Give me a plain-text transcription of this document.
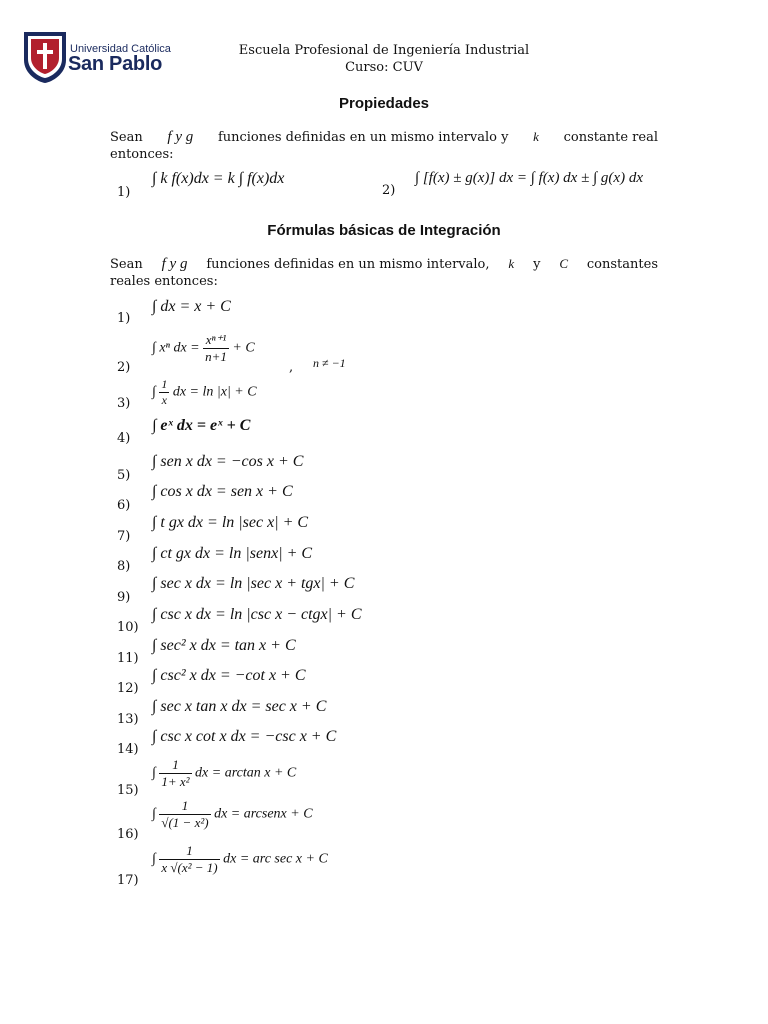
Universidad Católica
San Pablo
Escuela Profesional de Ingeniería Industrial
Curso: CUV
Propiedades
Sean f y g funciones definidas en un mismo intervalo y k constante real
entonces:
1)
∫ k f(x)dx = k ∫ f(x)dx
2)
∫ [f(x) ± g(x)] dx = ∫ f(x) dx ± ∫ g(x) dx
Fórmulas básicas de Integración
Sean f y g funciones definidas en un mismo intervalo, k y C constantes
reales entonces:
1)
∫ dx = x + C
2)
∫ xⁿ dx = $\frac{\text{xⁿ⁺¹}}{n+1} + C$
, n ≠ −1
3)
∫ $\frac{1}{x}$ dx = ln |x| + C
4)
∫ eˣ dx = eˣ + C
5)
∫ sen x dx = −cos x + C
6)
∫ cos x dx = sen x + C
7)
∫ t gx dx = ln |sec x| + C
8)
∫ ct gx dx = ln |senx| + C
9)
∫ sec x dx = ln |sec x + tgx| + C
10)
∫ csc x dx = ln |csc x − ctgx| + C
11)
∫ sec² x dx = tan x + C
12)
∫ csc² x dx = −cot x + C
13)
∫ sec x tan x dx = sec x + C
14)
∫ csc x cot x dx = −csc x + C
15)
∫ $\frac{1}{\text{1+ x²}}$ dx = arctan x + C
16)
∫ $\frac{1}{\text{√(1 − x²)}}$ dx = arcsenx + C
17)
∫ $\frac{1}{\text{x √(x² − 1)}}$ dx = arc sec x + C
